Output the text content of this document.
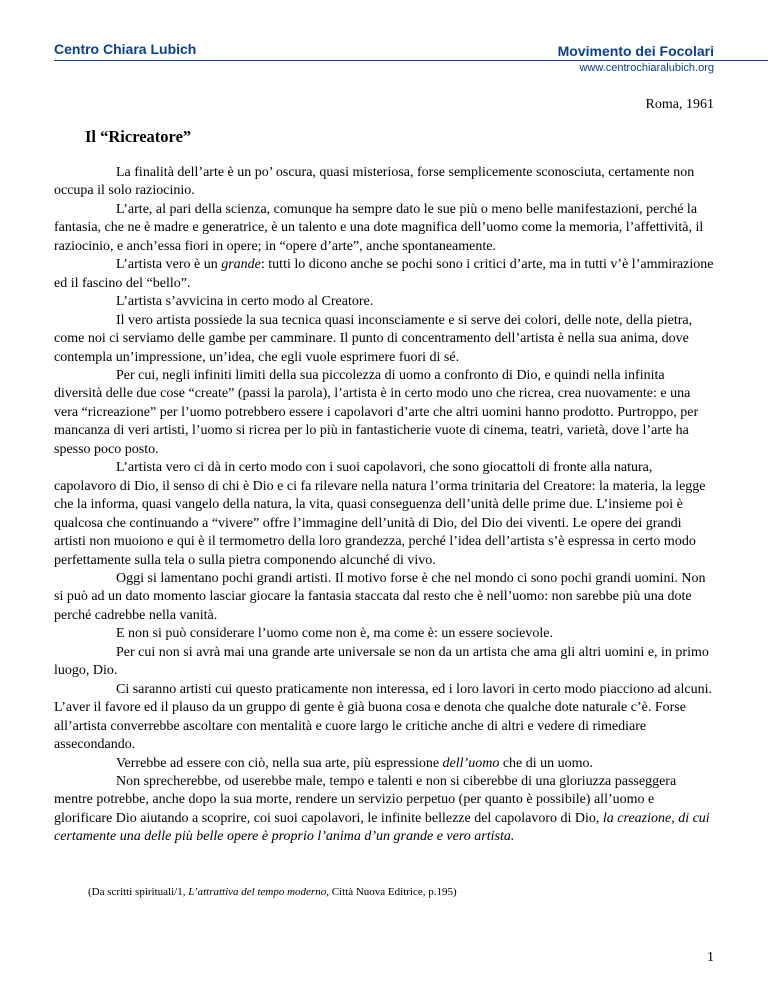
Centro Chiara Lubich	Movimento dei Focolari
www.centrochiaralubich.org
Roma, 1961
Il “Ricreatore”

La finalità dell’arte è un po’ oscura, quasi misteriosa, forse semplicemente sconosciuta, certamente non occupa il solo raziocinio.

L’arte, al pari della scienza, comunque ha sempre dato le sue più o meno belle manifestazioni, perché la fantasia, che ne è madre e generatrice, è un talento e una dote magnifica dell’uomo come la memoria, l’affettività, il raziocinio, e anch’essa fiori in opere; in “opere d’arte”, anche spontaneamente.

L’artista vero è un grande: tutti lo dicono anche se pochi sono i critici d’arte, ma in tutti v’è l’ammirazione ed il fascino del “bello”.

L’artista s’avvicina in certo modo al Creatore.

Il vero artista possiede la sua tecnica quasi inconsciamente e si serve dei colori, delle note, della pietra, come noi ci serviamo delle gambe per camminare. Il punto di concentramento dell’artista è nella sua anima, dove contempla un’impressione, un’idea, che egli vuole esprimere fuori di sé.

Per cui, negli infiniti limiti della sua piccolezza di uomo a confronto di Dio, e quindi nella infinita diversità delle due cose “create” (passi la parola), l’artista è in certo modo uno che ricrea, crea nuovamente: e una vera “ricreazione” per l’uomo potrebbero essere i capolavori d’arte che altri uomini hanno prodotto. Purtroppo, per mancanza di veri artisti, l’uomo si ricrea per lo più in fantasticherie vuote di cinema, teatri, varietà, dove l’arte ha spesso poco posto.

L’artista vero ci dà in certo modo con i suoi capolavori, che sono giocattoli di fronte alla natura, capolavoro di Dio, il senso di chi è Dio e ci fa rilevare nella natura l’orma trinitaria del Creatore: la materia, la legge che la informa, quasi vangelo della natura, la vita, quasi conseguenza dell’unità delle prime due. L’insieme poi è qualcosa che continuando a “vivere” offre l’immagine dell’unità di Dio, del Dio dei viventi. Le opere dei grandi artisti non muoiono e qui è il termometro della loro grandezza, perché l’idea dell’artista s’è espressa in certo modo perfettamente sulla tela o sulla pietra componendo alcunché di vivo.

Oggi si lamentano pochi grandi artisti. Il motivo forse è che nel mondo ci sono pochi grandi uomini. Non si può ad un dato momento lasciar giocare la fantasia staccata dal resto che è nell’uomo: non sarebbe più una dote perché cadrebbe nella vanità.

E non si può considerare l’uomo come non è, ma come è: un essere socievole.

Per cui non si avrà mai una grande arte universale se non da un artista che ama gli altri uomini e, in primo luogo, Dio.

Ci saranno artisti cui questo praticamente non interessa, ed i loro lavori in certo modo piacciono ad alcuni. L’aver il favore ed il plauso da un gruppo di gente è già buona cosa e denota che qualche dote naturale c’è. Forse all’artista converrebbe ascoltare con mentalità e cuore largo le critiche anche di altri e vedere di rimediare assecondando.

Verrebbe ad essere con ciò, nella sua arte, più espressione dell’uomo che di un uomo.

Non sprecherebbe, od userebbe male, tempo e talenti e non si ciberebbe di una gloriuzza passeggera mentre potrebbe, anche dopo la sua morte, rendere un servizio perpetuo (per quanto è possibile) all’uomo e glorificare Dio aiutando a scoprire, coi suoi capolavori, le infinite bellezze del capolavoro di Dio, la creazione, di cui certamente una delle più belle opere è proprio l’anima d’un grande e vero artista.

(Da scritti spirituali/1, L’attrattiva del tempo moderno, Città Nuova Editrice, p.195)
1
